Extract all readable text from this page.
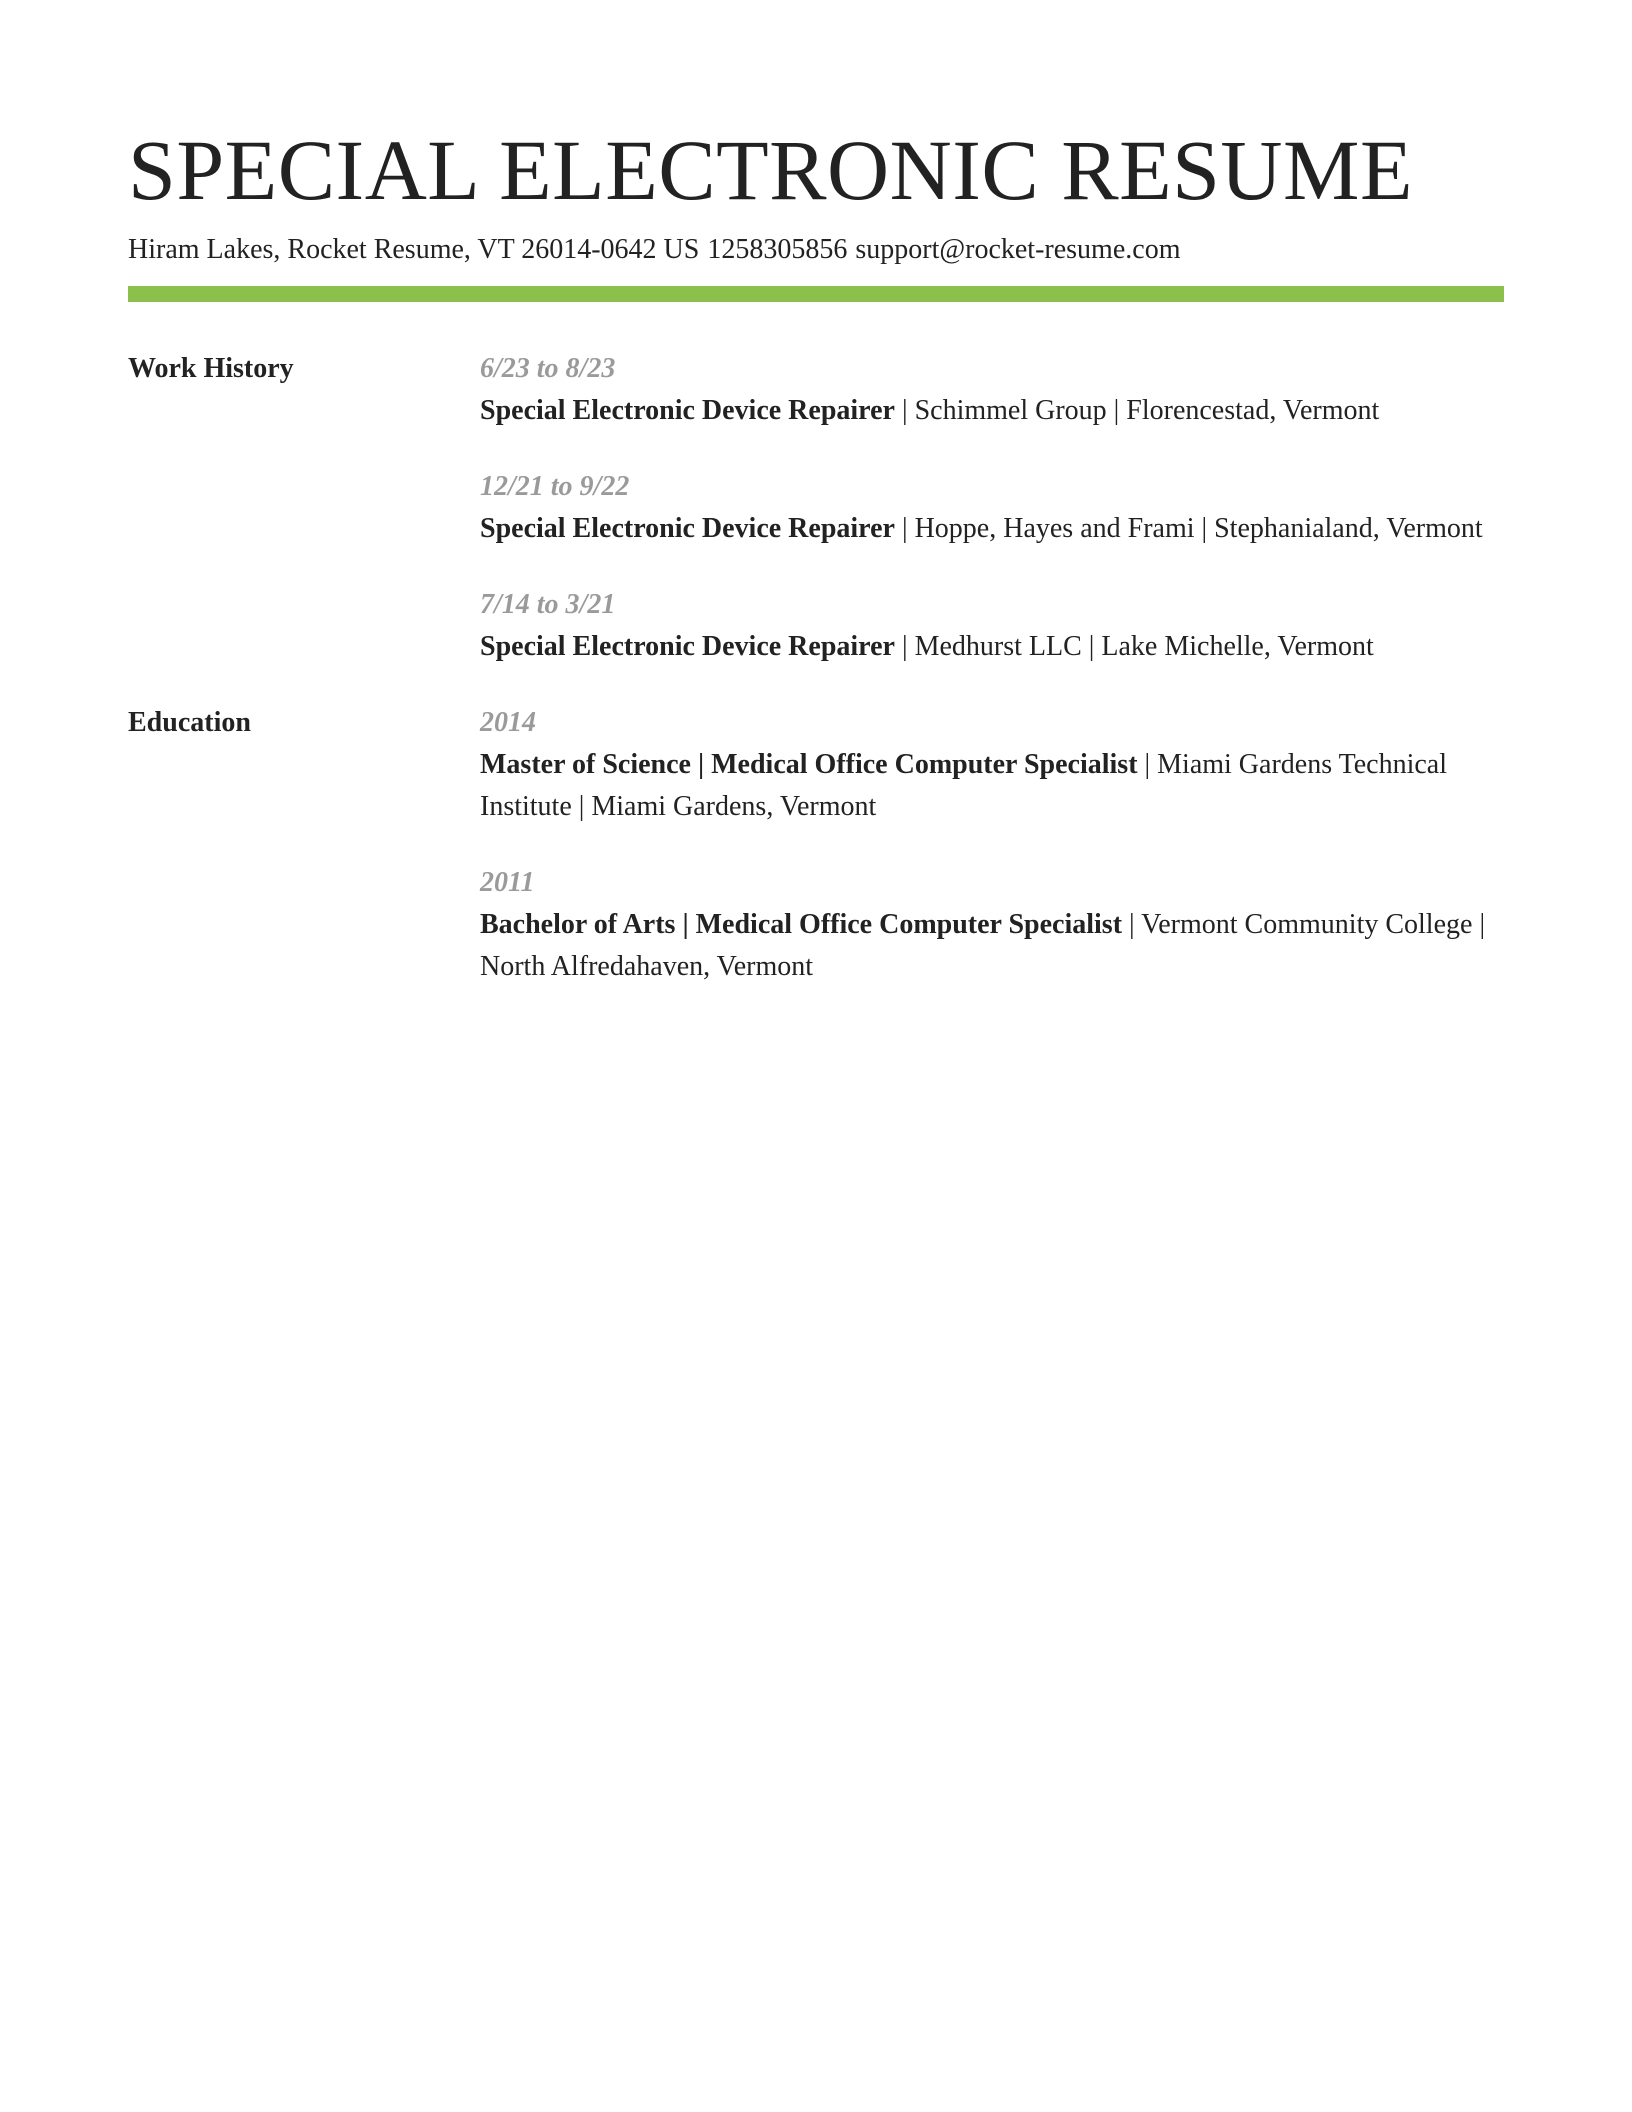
SPECIAL ELECTRONIC RESUME
Hiram Lakes, Rocket Resume, VT 26014-0642 US 1258305856 support@rocket-resume.com
Work History	6/23 to 8/23
Special Electronic Device Repairer | Schimmel Group | Florencestad, Vermont
12/21 to 9/22
Special Electronic Device Repairer | Hoppe, Hayes and Frami | Stephanialand, Vermont
7/14 to 3/21
Special Electronic Device Repairer | Medhurst LLC | Lake Michelle, Vermont
Education	2014
Master of Science | Medical Office Computer Specialist | Miami Gardens Technical Institute | Miami Gardens, Vermont
2011
Bachelor of Arts | Medical Office Computer Specialist | Vermont Community College | North Alfredahaven, Vermont
